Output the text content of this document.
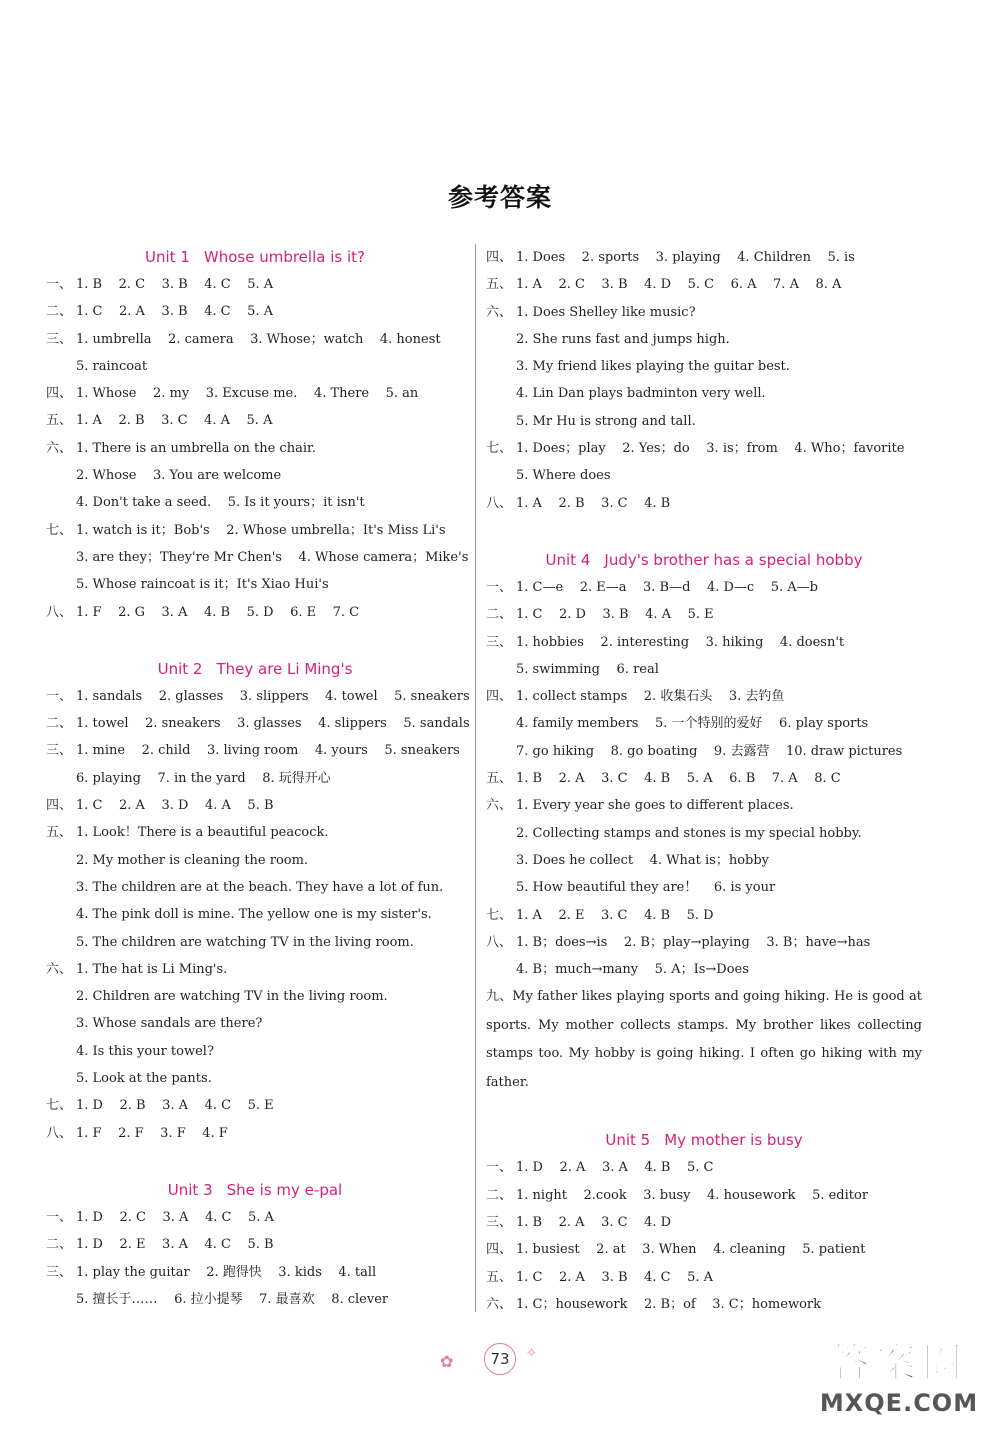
参考答案
Unit 1 Whose umbrella is it?
一、 1. B    2. C    3. B    4. C    5. A
二、 1. C    2. A    3. B    4. C    5. A
三、 1. umbrella    2. camera    3. Whose；watch    4. honest
5. raincoat
四、 1. Whose    2. my    3. Excuse me.    4. There    5. an
五、 1. A    2. B    3. C    4. A    5. A
六、 1. There is an umbrella on the chair.
2. Whose    3. You are welcome
4. Don't take a seed.    5. Is it yours；it isn't
七、 1. watch is it；Bob's    2. Whose umbrella；It's Miss Li's
3. are they；They're Mr Chen's    4. Whose camera；Mike's
5. Whose raincoat is it；It's Xiao Hui's
八、 1. F    2. G    3. A    4. B    5. D    6. E    7. C
Unit 2 They are Li Ming's
一、 1. sandals    2. glasses    3. slippers    4. towel    5. sneakers
二、 1. towel    2. sneakers    3. glasses    4. slippers    5. sandals
三、 1. mine    2. child    3. living room    4. yours    5. sneakers
6. playing    7. in the yard    8. 玩得开心
四、 1. C    2. A    3. D    4. A    5. B
五、 1. Look！There is a beautiful peacock.
2. My mother is cleaning the room.
3. The children are at the beach. They have a lot of fun.
4. The pink doll is mine. The yellow one is my sister's.
5. The children are watching TV in the living room.
六、 1. The hat is Li Ming's.
2. Children are watching TV in the living room.
3. Whose sandals are there?
4. Is this your towel?
5. Look at the pants.
七、 1. D    2. B    3. A    4. C    5. E
八、 1. F    2. F    3. F    4. F
Unit 3 She is my e-pal
一、 1. D    2. C    3. A    4. C    5. A
二、 1. D    2. E    3. A    4. C    5. B
三、 1. play the guitar    2. 跑得快    3. kids    4. tall
5. 擅长于……    6. 拉小提琴    7. 最喜欢    8. clever
四、 1. Does    2. sports    3. playing    4. Children    5. is
五、 1. A    2. C    3. B    4. D    5. C    6. A    7. A    8. A
六、 1. Does Shelley like music?
2. She runs fast and jumps high.
3. My friend likes playing the guitar best.
4. Lin Dan plays badminton very well.
5. Mr Hu is strong and tall.
七、 1. Does；play    2. Yes；do    3. is；from    4. Who；favorite
5. Where does
八、 1. A    2. B    3. C    4. B
Unit 4 Judy's brother has a special hobby
一、 1. C—e    2. E—a    3. B—d    4. D—c    5. A—b
二、 1. C    2. D    3. B    4. A    5. E
三、 1. hobbies    2. interesting    3. hiking    4. doesn't
5. swimming    6. real
四、 1. collect stamps    2. 收集石头    3. 去钓鱼
4. family members    5. 一个特别的爱好    6. play sports
7. go hiking    8. go boating    9. 去露营    10. draw pictures
五、 1. B    2. A    3. C    4. B    5. A    6. B    7. A    8. C
六、 1. Every year she goes to different places.
2. Collecting stamps and stones is my special hobby.
3. Does he collect    4. What is；hobby
5. How beautiful they are！    6. is your
七、 1. A    2. E    3. C    4. B    5. D
八、 1. B；does→is    2. B；play→playing    3. B；have→has
4. B；much→many    5. A；Is→Does
九、My father likes playing sports and going hiking. He is good at sports. My mother collects stamps. My brother likes collecting stamps too. My hobby is going hiking. I often go hiking with my father.
Unit 5 My mother is busy
一、 1. D    2. A    3. A    4. B    5. C
二、 1. night    2.cook    3. busy    4. housework    5. editor
三、 1. B    2. A    3. C    4. D
四、 1. busiest    2. at    3. When    4. cleaning    5. patient
五、 1. C    2. A    3. B    4. C    5. A
六、 1. C；housework    2. B；of    3. C；homework
✿	73	✧	答案圈
MXQE.COM
